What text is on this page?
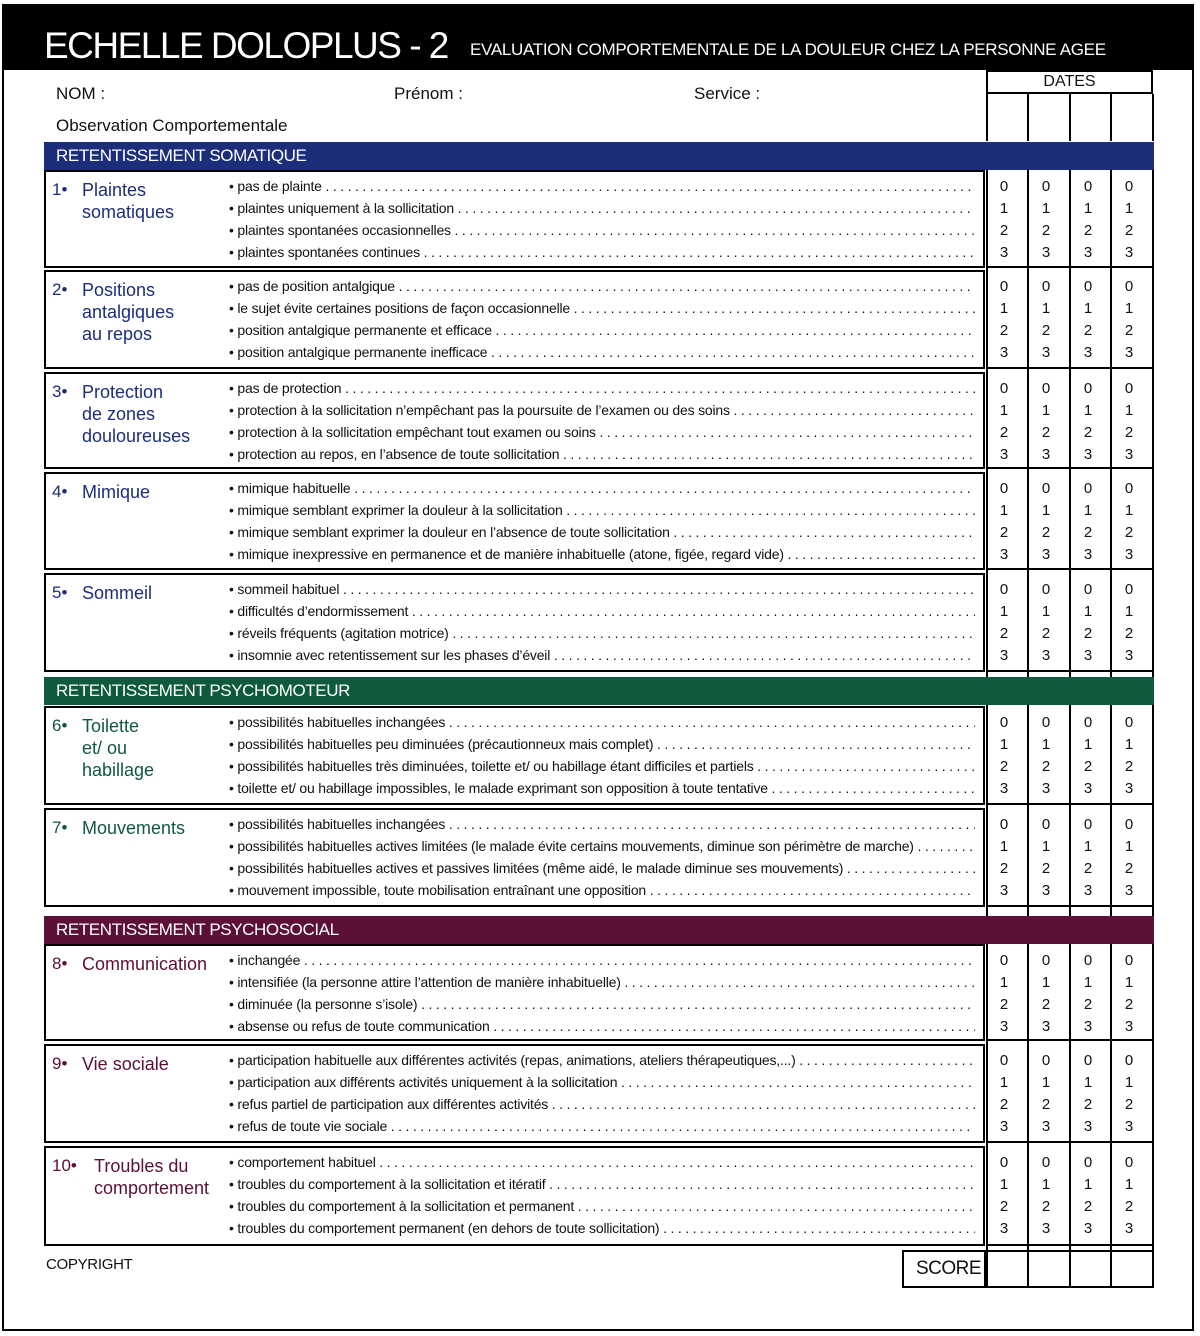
ECHELLE DOLOPLUS - 2 EVALUATION COMPORTEMENTALE DE LA DOULEUR CHEZ LA PERSONNE AGEE
NOM :	Prénom :	Service :
Observation Comportementale
DATES
RETENTISSEMENT SOMATIQUE
1• Plaintes
somatiques
• pas de plainte . . .	0	0	0	0
• plaintes uniquement à la sollicitation . . .	1	1	1	1
• plaintes spontanées occasionnelles . . .	2	2	2	2
• plaintes spontanées continues . . .	3	3	3	3
2• Positions
antalgiques
au repos
• pas de position antalgique . . .	0	0	0	0
• le sujet évite certaines positions de façon occasionnelle . . .	1	1	1	1
• position antalgique permanente et efficace . . .	2	2	2	2
• position antalgique permanente inefficace . . .	3	3	3	3
3• Protection
de zones
douloureuses
• pas de protection . . .	0	0	0	0
• protection à la sollicitation n’empêchant pas la poursuite de l’examen ou des soins . . .	1	1	1	1
• protection à la sollicitation empêchant tout examen ou soins . . .	2	2	2	2
• protection au repos, en l’absence de toute sollicitation . . .	3	3	3	3
4• Mimique	• mimique habituelle . . .	0	0	0	0
• mimique semblant exprimer la douleur à la sollicitation . . .	1	1	1	1
• mimique semblant exprimer la douleur en l’absence de toute sollicitation . . .	2	2	2	2
• mimique inexpressive en permanence et de manière inhabituelle (atone, figée, regard vide) . . .	3	3	3	3
5• Sommeil	• sommeil habituel . . .	0	0	0	0
• difficultés d’endormissement . . .	1	1	1	1
• réveils fréquents (agitation motrice) . . .	2	2	2	2
• insomnie avec retentissement sur les phases d’éveil . . .	3	3	3	3
RETENTISSEMENT PSYCHOMOTEUR
6• Toilette
et/ ou
habillage
• possibilités habituelles inchangées . . .	0	0	0	0
• possibilités habituelles peu diminuées (précautionneux mais complet) . . .	1	1	1	1
• possibilités habituelles très diminuées, toilette et/ ou habillage étant difficiles et partiels . . .	2	2	2	2
• toilette et/ ou habillage impossibles, le malade exprimant son opposition à toute tentative . . .	3	3	3	3
7• Mouvements	• possibilités habituelles inchangées . . .	0	0	0	0
• possibilités habituelles actives limitées (le malade évite certains mouvements, diminue son périmètre de marche) . . .	1	1	1	1
• possibilités habituelles actives et passives limitées (même aidé, le malade diminue ses mouvements) . . .	2	2	2	2
• mouvement impossible, toute mobilisation entraînant une opposition . . .	3	3	3	3
RETENTISSEMENT PSYCHOSOCIAL
8• Communication • inchangée . . .	0	0	0	0
• intensifiée (la personne attire l’attention de manière inhabituelle) . . .	1	1	1	1
• diminuée (la personne s’isole) . . .	2	2	2	2
• absense ou refus de toute communication . . .	3	3	3	3
9• Vie sociale	• participation habituelle aux différentes activités (repas, animations, ateliers thérapeutiques,...) . . .	0	0	0	0
• participation aux différents activités uniquement à la sollicitation . . .	1	1	1	1
• refus partiel de participation aux différentes activités . . .	2	2	2	2
• refus de toute vie sociale . . .	3	3	3	3
10• Troubles du
comportement
• comportement habituel . . .	0	0	0	0
• troubles du comportement à la sollicitation et itératif . . .	1	1	1	1
• troubles du comportement à la sollicitation et permanent . . .	2	2	2	2
• troubles du comportement permanent (en dehors de toute sollicitation) . . .	3	3	3	3
COPYRIGHT	SCORE
